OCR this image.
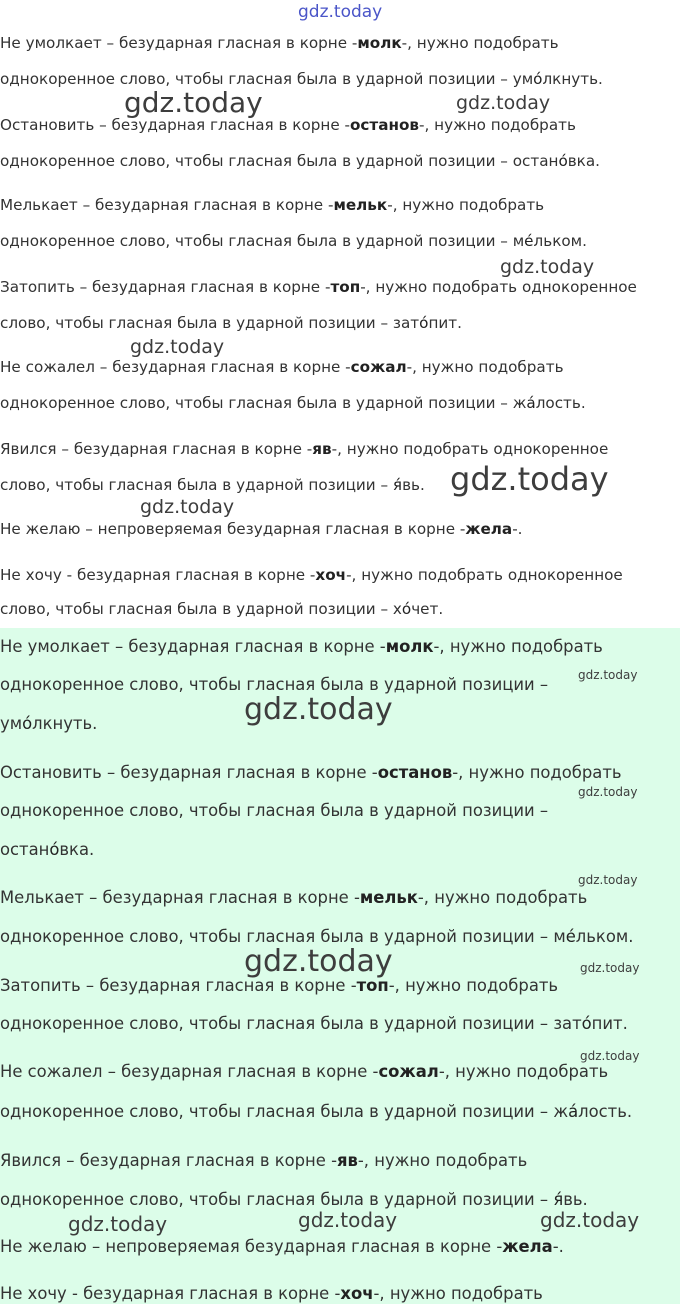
gdz.today
Не умолкает – безударная гласная в корне -молк-, нужно подобрать
однокоренное слово, чтобы гласная была в ударной позиции – умо́лкнуть.
Остановить – безударная гласная в корне -останов-, нужно подобрать
однокоренное слово, чтобы гласная была в ударной позиции – остано́вка.
Мелькает – безударная гласная в корне -мельк-, нужно подобрать
однокоренное слово, чтобы гласная была в ударной позиции – ме́льком.
Затопить – безударная гласная в корне -топ-, нужно подобрать однокоренное
слово, чтобы гласная была в ударной позиции – зато́пит.
Не сожалел – безударная гласная в корне -сожал-, нужно подобрать
однокоренное слово, чтобы гласная была в ударной позиции – жа́лость.
Явился – безударная гласная в корне -яв-, нужно подобрать однокоренное
слово, чтобы гласная была в ударной позиции – я́вь.
Не желаю – непроверяемая безударная гласная в корне -жела-.
Не хочу - безударная гласная в корне -хоч-, нужно подобрать однокоренное
слово, чтобы гласная была в ударной позиции – хо́чет.
Не умолкает – безударная гласная в корне -молк-, нужно подобрать
однокоренное слово, чтобы гласная была в ударной позиции –
умо́лкнуть.
Остановить – безударная гласная в корне -останов-, нужно подобрать
однокоренное слово, чтобы гласная была в ударной позиции –
остано́вка.
Мелькает – безударная гласная в корне -мельк-, нужно подобрать
однокоренное слово, чтобы гласная была в ударной позиции – ме́льком.
Затопить – безударная гласная в корне -топ-, нужно подобрать
однокоренное слово, чтобы гласная была в ударной позиции – зато́пит.
Не сожалел – безударная гласная в корне -сожал-, нужно подобрать
однокоренное слово, чтобы гласная была в ударной позиции – жа́лость.
Явился – безударная гласная в корне -яв-, нужно подобрать
однокоренное слово, чтобы гласная была в ударной позиции – я́вь.
Не желаю – непроверяемая безударная гласная в корне -жела-.
Не хочу - безударная гласная в корне -хоч-, нужно подобрать
gdz.today	gdz.today
gdz.today
gdz.today
gdz.today
gdz.today
gdz.today
gdz.today
gdz.today
gdz.today
gdz.today	gdz.today
gdz.today
gdz.today	gdz.today	gdz.today
